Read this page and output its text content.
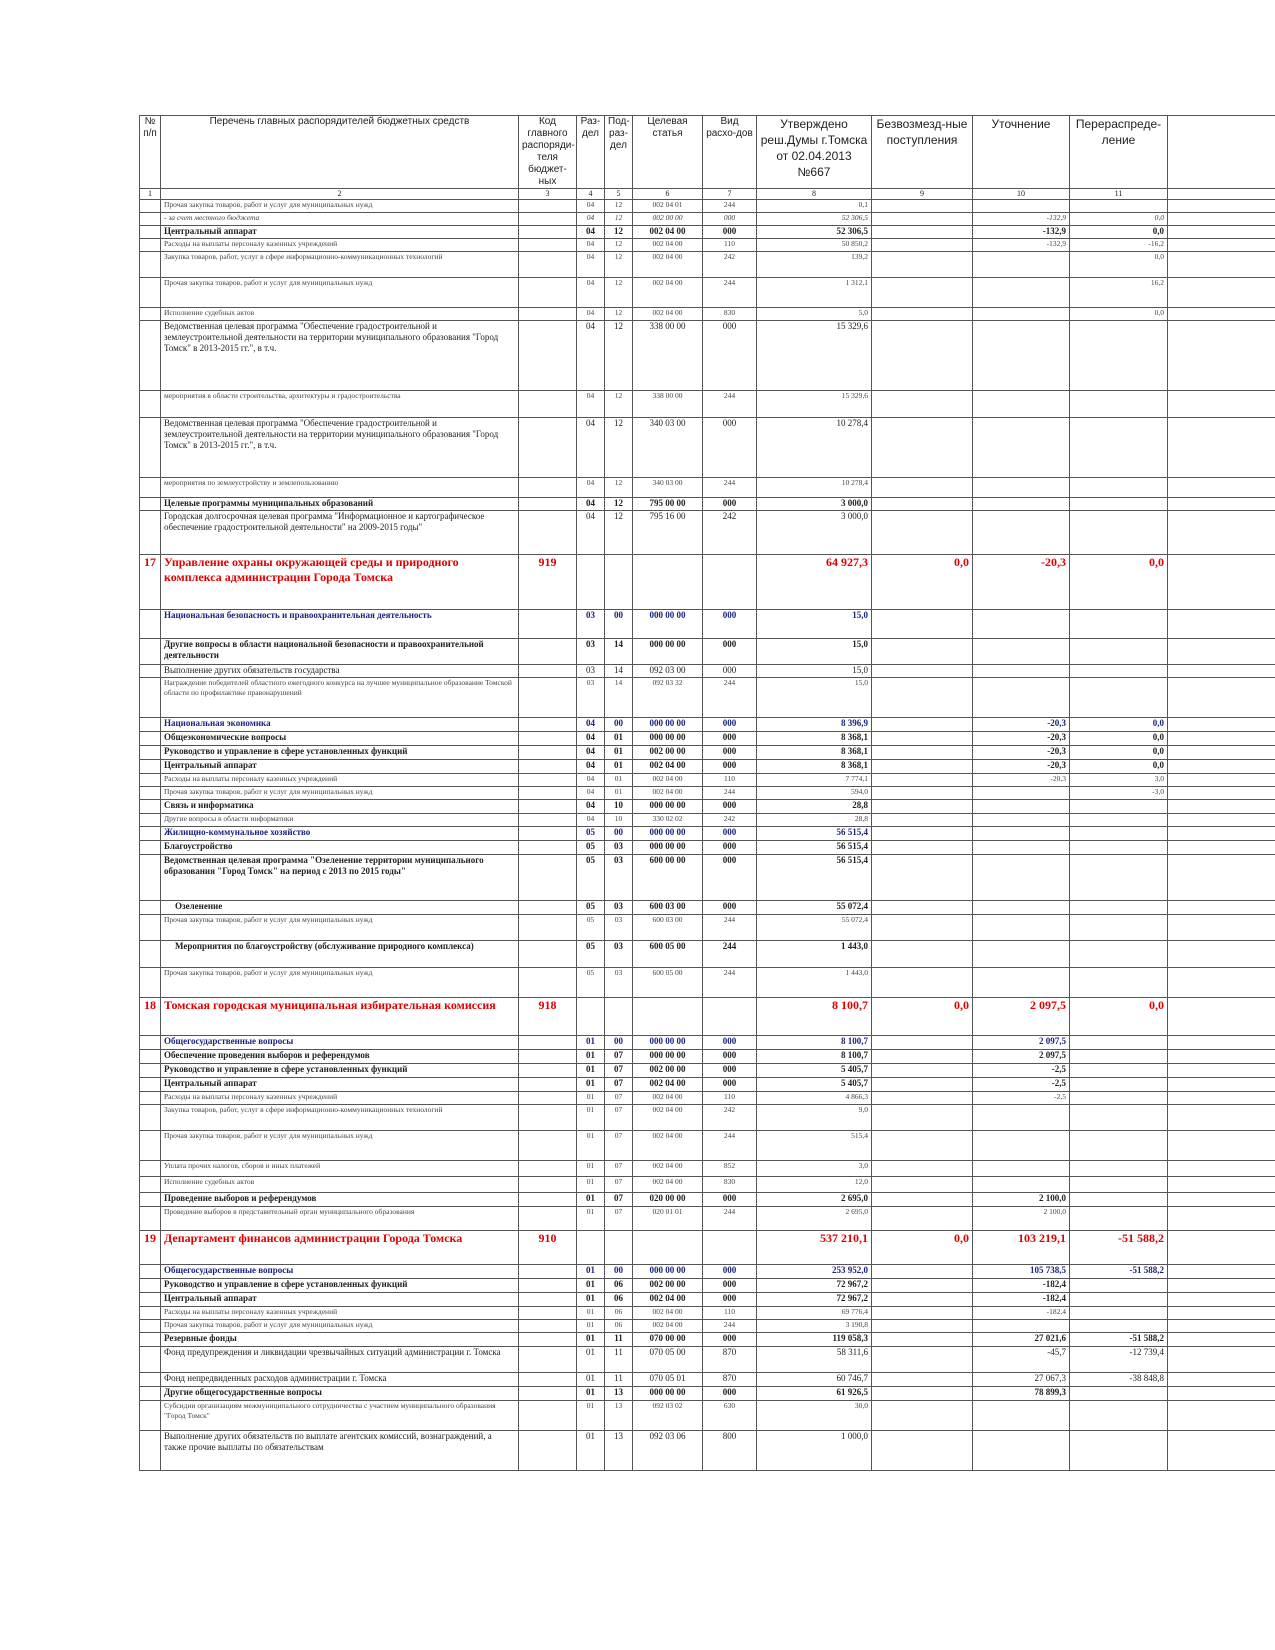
№ п/п	Перечень главных распорядителей бюджетных средств	Код главного распоряди-теля бюджет-ных	Раз-дел	Под-раз-дел	Целевая статья	Вид расхо-дов	Утверждено реш.Думы г.Томска от 02.04.2013 №667	Безвозмезд-ные поступления	Уточнение	Перераспреде-ление	
1	2	3	4	5	6	7	8	9	10	11	
	Прочая закупка товаров, работ и услуг для муниципальных нужд		04	12	002 04 01	244	0,1				
	- за счет местного бюджета		04	12	002 00 00	000	52 306,5		-132,9	0,0	
	Центральный аппарат		04	12	002 04 00	000	52 306,5		-132,9	0,0	
	Расходы на выплаты персоналу казенных учреждений		04	12	002 04 00	110	50 850,2		-132,9	-16,2	
	Закупка товаров, работ, услуг в сфере информационно-коммуникационных технологий		04	12	002 04 00	242	139,2			0,0	
	Прочая закупка товаров, работ и услуг для муниципальных нужд		04	12	002 04 00	244	1 312,1			16,2	
	Исполнение судебных актов		04	12	002 04 00	830	5,0			0,0	
	Ведомственная целевая программа "Обеспечение градостроительной и землеустроительной деятельности на территории муниципального образования "Город Томск" в 2013-2015 гг.", в т.ч.		04	12	338 00 00	000	15 329,6				
	мероприятия в области строительства, архитектуры и градостроительства		04	12	338 00 00	244	15 329,6				
	Ведомственная целевая программа "Обеспечение градостроительной и землеустроительной деятельности на территории муниципального образования "Город Томск" в 2013-2015 гг.", в т.ч.		04	12	340 03 00	000	10 278,4				
	мероприятия по землеустройству и землепользованию		04	12	340 03 00	244	10 278,4				
	Целевые программы муниципальных образований		04	12	795 00 00	000	3 000,0				
	Городская долгосрочная целевая программа "Информационное и картографическое обеспечение градостроительной деятельности" на 2009-2015 годы"		04	12	795 16 00	242	3 000,0				
17	Управление охраны окружающей среды и природного комплекса администрации Города Томска	919					64 927,3	0,0	-20,3	0,0	
	Национальная безопасность и правоохранительная деятельность		03	00	000 00 00	000	15,0				
	Другие вопросы в области национальной безопасности и правоохранительной деятельности		03	14	000 00 00	000	15,0				
	Выполнение других обязательств государства		03	14	092 03 00	000	15,0				
	Награждение победителей областного ежегодного конкурса на лучшее муниципальное образование Томской области по профилактике правонарушений		03	14	092 03 32	244	15,0				
	Национальная экономика		04	00	000 00 00	000	8 396,9		-20,3	0,0	
	Общеэкономические вопросы		04	01	000 00 00	000	8 368,1		-20,3	0,0	
	Руководство и управление в сфере установленных функций		04	01	002 00 00	000	8 368,1		-20,3	0,0	
	Центральный аппарат		04	01	002 04 00	000	8 368,1		-20,3	0,0	
	Расходы на выплаты персоналу казенных учреждений		04	01	002 04 00	110	7 774,1		-20,3	3,0	
	Прочая закупка товаров, работ и услуг для муниципальных нужд		04	01	002 04 00	244	594,0			-3,0	
	Связь и информатика		04	10	000 00 00	000	28,8				
	Другие вопросы в области информатики		04	10	330 02 02	242	28,8				
	Жилищно-коммунальное хозяйство		05	00	000 00 00	000	56 515,4				
	Благоустройство		05	03	000 00 00	000	56 515,4				
	Ведомственная целевая программа "Озеленение территории муниципального образования "Город Томск" на период с 2013 по 2015 годы"		05	03	600 00 00	000	56 515,4				
	Озеленение		05	03	600 03 00	000	55 072,4				
	Прочая закупка товаров, работ и услуг для муниципальных нужд		05	03	600 03 00	244	55 072,4				
	Мероприятия по благоустройству (обслуживание природного комплекса)		05	03	600 05 00	244	1 443,0				
	Прочая закупка товаров, работ и услуг для муниципальных нужд		05	03	600 05 00	244	1 443,0				
18	Томская городская муниципальная избирательная комиссия	918					8 100,7	0,0	2 097,5	0,0	
	Общегосударственные вопросы		01	00	000 00 00	000	8 100,7		2 097,5		
	Обеспечение проведения выборов и референдумов		01	07	000 00 00	000	8 100,7		2 097,5		
	Руководство и управление в сфере установленных функций		01	07	002 00 00	000	5 405,7		-2,5		
	Центральный аппарат		01	07	002 04 00	000	5 405,7		-2,5		
	Расходы на выплаты персоналу казенных учреждений		01	07	002 04 00	110	4 866,3		-2,5		
	Закупка товаров, работ, услуг в сфере информационно-коммуникационных технологий		01	07	002 04 00	242	9,0				
	Прочая закупка товаров, работ и услуг для муниципальных нужд		01	07	002 04 00	244	515,4				
	Уплата прочих налогов, сборов и иных платежей		01	07	002 04 00	852	3,0				
	Исполнение судебных актов		01	07	002 04 00	830	12,0				
	Проведение выборов и референдумов		01	07	020 00 00	000	2 695,0		2 100,0		
	Проведение выборов в представительный орган муниципального образования		01	07	020 01 01	244	2 695,0		2 100,0		
19	Департамент финансов администрации Города Томска	910					537 210,1	0,0	103 219,1	-51 588,2	
	Общегосударственные вопросы		01	00	000 00 00	000	253 952,0		105 738,5	-51 588,2	
	Руководство и управление в сфере установленных функций		01	06	002 00 00	000	72 967,2		-182,4		
	Центральный аппарат		01	06	002 04 00	000	72 967,2		-182,4		
	Расходы на выплаты персоналу казенных учреждений		01	06	002 04 00	110	69 776,4		-182,4		
	Прочая закупка товаров, работ и услуг для муниципальных нужд		01	06	002 04 00	244	3 190,8				
	Резервные фонды		01	11	070 00 00	000	119 058,3		27 021,6	-51 588,2	
	Фонд предупреждения и ликвидации чрезвычайных ситуаций администрации г. Томска		01	11	070 05 00	870	58 311,6		-45,7	-12 739,4	
	Фонд непредвиденных расходов администрации г. Томска		01	11	070 05 01	870	60 746,7		27 067,3	-38 848,8	
	Другие общегосударственные вопросы		01	13	000 00 00	000	61 926,5		78 899,3		
	Субсидии организациям межмуниципального сотрудничества с участием муниципального образования "Город Томск"		01	13	092 03 02	630	30,0				
	Выполнение других обязательств по выплате агентских комиссий, вознаграждений, а также прочие выплаты по обязательствам		01	13	092 03 06	800	1 000,0				
